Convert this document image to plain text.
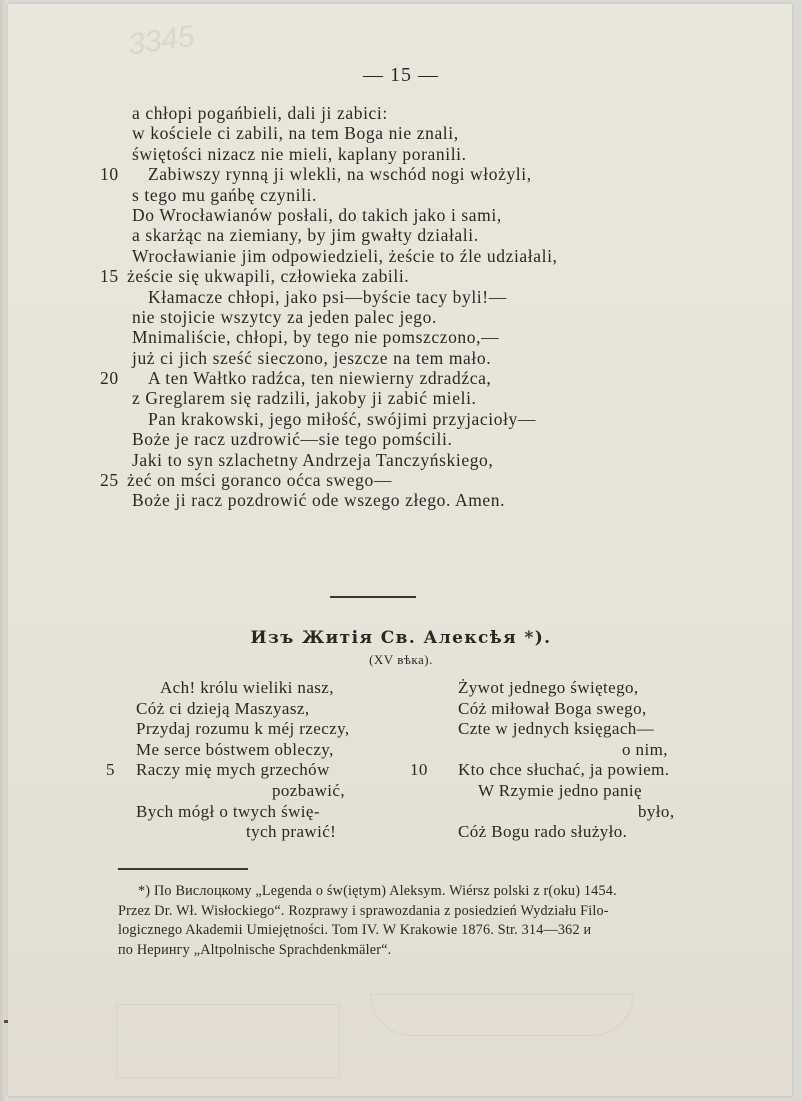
3345
— 15 —
a chłopi pogańbieli, dali ji zabici:
w kościele ci zabili, na tem Boga nie znali,
świętości nizacz nie mieli, kaplany poranili.
10	Zabiwszy rynną ji wlekli, na wschód nogi włożyli,
s tego mu gańbę czynili.
Do Wrocławianów posłali, do takich jako i sami,
a skarżąc na ziemiany, by jim gwałty działali.
Wrocławianie jim odpowiedzieli, żeście to źle udziałali,
15 żeście się ukwapili, człowieka zabili.
Kłamacze chłopi, jako psi—byście tacy byli!—
nie stojicie wszytcy za jeden palec jego.
Mnimaliście, chłopi, by tego nie pomszczono,—
już ci jich sześć sieczono, jeszcze na tem mało.
20	A ten Wałtko radźca, ten niewierny zdradźca,
z Greglarem się radzili, jakoby ji zabić mieli.
Pan krakowski, jego miłość, swójimi przyjacioły—
Boże je racz uzdrowić—sie tego pomścili.
Jaki to syn szlachetny Andrzeja Tanczyńskiego,
25 żeć on mści goranco oćca swego—
Boże ji racz pozdrowić ode wszego złego. Amen.
Изъ Житія Св. Алексѣя *).
(XV вѣка).
Ach! królu wieliki nasz,
Cóż ci dzieją Maszyasz,
Przydaj rozumu k méj rzeczy,
Me serce bóstwem obleczy,
5 Raczy mię mych grzechów
pozbawić,
Bych mógł o twych świę-
tych prawić!
Żywot jednego świętego,
Cóż miłował Boga swego,
Czte w jednych księgach—
o nim,
10 Kto chce słuchać, ja powiem.
W Rzymie jedno panię
było,
Cóż Bogu rado służyło.
*) По Вислоцкому „Legenda o św(iętym) Aleksym. Wiérsz polski z r(oku) 1454.
Przez Dr. Wł. Wisłockiego“. Rozprawy i sprawozdania z posiedzień Wydziału Filo-
logicznego Akademii Umiejętności. Tom IV. W Krakowie 1876. Str. 314—362 и
по Нерингу „Altpolnische Sprachdenkmäler“.
